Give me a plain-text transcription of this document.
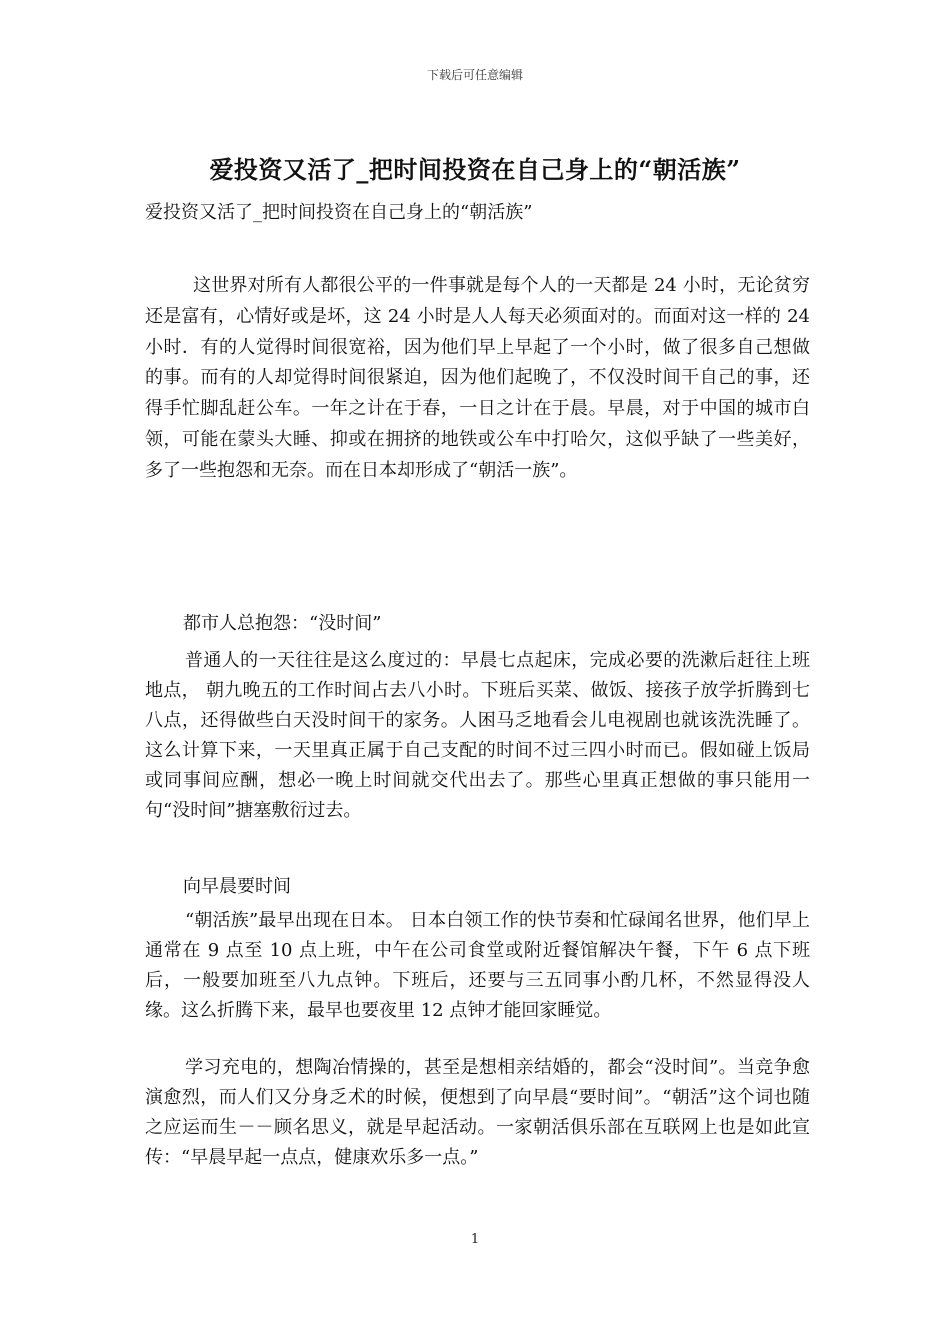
下载后可任意编辑
爱投资又活了_把时间投资在自己身上的“朝活族”

爱投资又活了_把时间投资在自己身上的“朝活族”

这世界对所有人都很公平的一件事就是每个人的一天都是 24 小时，无论贫穷还是富有，心情好或是坏，这 24 小时是人人每天必须面对的。而面对这一样的 24 小时．有的人觉得时间很宽裕，因为他们早上早起了一个小时，做了很多自己想做的事。而有的人却觉得时间很紧迫，因为他们起晚了，不仅没时间干自己的事，还得手忙脚乱赶公车。一年之计在于春，一日之计在于晨。早晨，对于中国的城市白领，可能在蒙头大睡、抑或在拥挤的地铁或公车中打哈欠，这似乎缺了一些美好，多了一些抱怨和无奈。而在日本却形成了“朝活一族”。

都市人总抱怨：“没时间”

普通人的一天往往是这么度过的：早晨七点起床，完成必要的洗漱后赶往上班地点， 朝九晚五的工作时间占去八小时。下班后买菜、做饭、接孩子放学折腾到七八点，还得做些白天没时间干的家务。人困马乏地看会儿电视剧也就该洗洗睡了。这么计算下来，一天里真正属于自己支配的时间不过三四小时而已。假如碰上饭局或同事间应酬，想必一晚上时间就交代出去了。那些心里真正想做的事只能用一句“没时间”搪塞敷衍过去。

向早晨要时间

“朝活族”最早出现在日本。 日本白领工作的快节奏和忙碌闻名世界，他们早上通常在 9 点至 10 点上班，中午在公司食堂或附近餐馆解决午餐，下午 6 点下班后，一般要加班至八九点钟。下班后，还要与三五同事小酌几杯，不然显得没人缘。这么折腾下来，最早也要夜里 12 点钟才能回家睡觉。

学习充电的，想陶冶情操的，甚至是想相亲结婚的，都会“没时间”。当竞争愈演愈烈，而人们又分身乏术的时候，便想到了向早晨“要时间”。“朝活”这个词也随之应运而生－－顾名思义，就是早起活动。一家朝活俱乐部在互联网上也是如此宣传：“早晨早起一点点，健康欢乐多一点。”

1
